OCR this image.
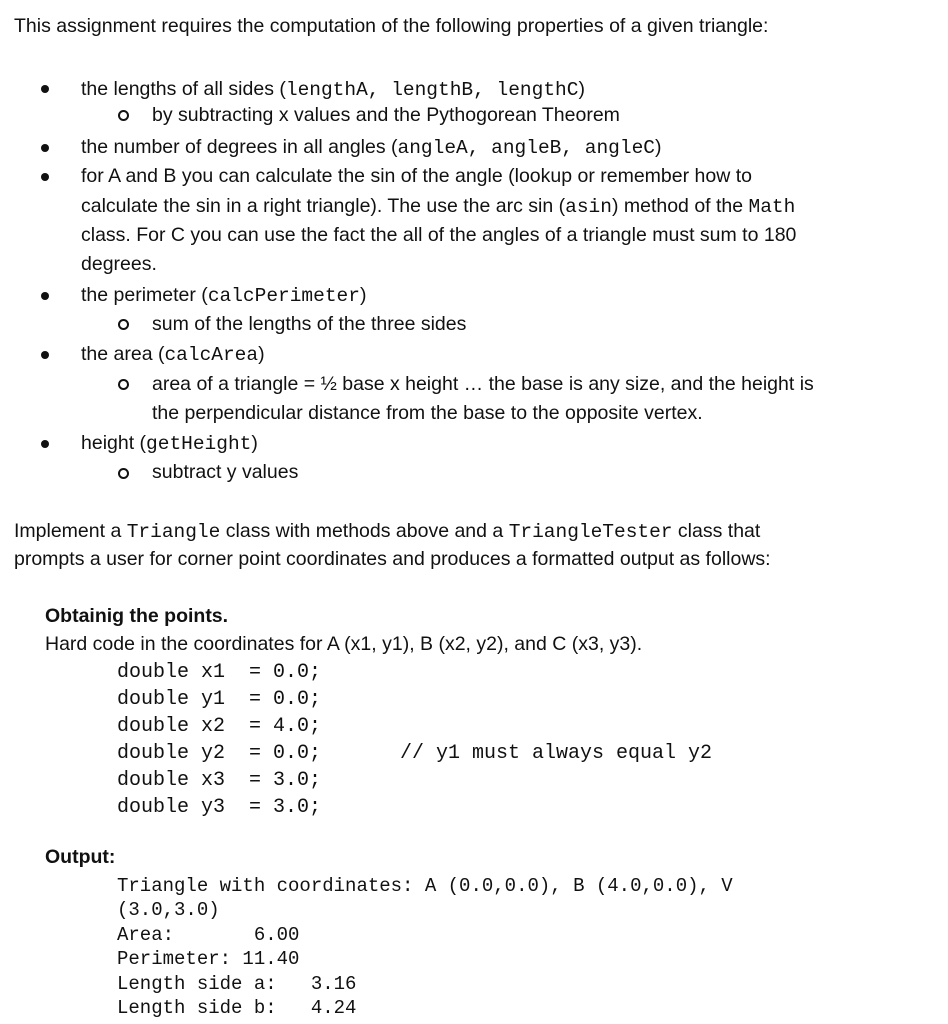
This assignment requires the computation of the following properties of a given triangle:
the lengths of all sides (lengthA, lengthB, lengthC)
by subtracting x values and the Pythogorean Theorem
the number of degrees in all angles (angleA, angleB, angleC)
for A and B you can calculate the sin of the angle (lookup or remember how to
calculate the sin in a right triangle). The use the arc sin (asin) method of the Math
class. For C you can use the fact the all of the angles of a triangle must sum to 180
degrees.
the perimeter (calcPerimeter)
sum of the lengths of the three sides
the area (calcArea)
area of a triangle = ½ base x height … the base is any size, and the height is
the perpendicular distance from the base to the opposite vertex.
height (getHeight)
subtract y values
Implement a Triangle class with methods above and a TriangleTester class that
prompts a user for corner point coordinates and produces a formatted output as follows:
Obtainig the points.
Hard code in the coordinates for A (x1, y1), B (x2, y2), and C (x3, y3).
double x1  = 0.0;
double y1  = 0.0;
double x2  = 4.0;
double y2  = 0.0;	// y1 must always equal y2
double x3  = 3.0;
double y3  = 3.0;
Output:
Triangle with coordinates: A (0.0,0.0), B (4.0,0.0), V
(3.0,3.0)
Area:       6.00
Perimeter: 11.40
Length side a:   3.16
Length side b:   4.24
